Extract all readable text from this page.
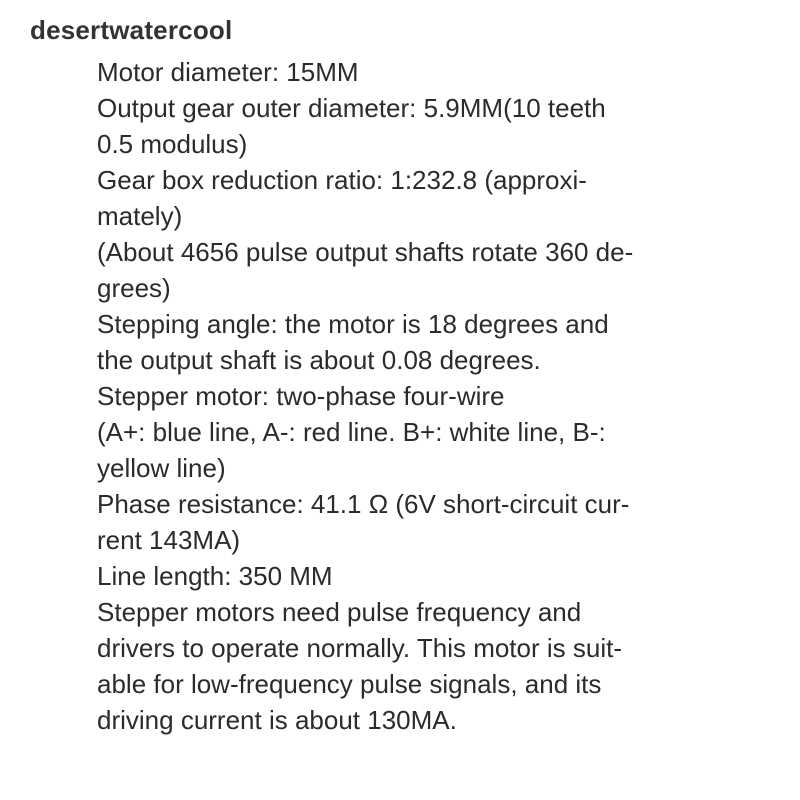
desertwatercool
Motor diameter: 15MM
Output gear outer diameter: 5.9MM(10 teeth
0.5 modulus)
Gear box reduction ratio: 1:232.8 (approxi-
mately)
(About 4656 pulse output shafts rotate 360 de-
grees)
Stepping angle: the motor is 18 degrees and
the output shaft is about 0.08 degrees.
Stepper motor: two-phase four-wire
(A+: blue line, A-: red line. B+: white line, B-:
yellow line)
Phase resistance: 41.1 Ω (6V short-circuit cur-
rent 143MA)
Line length: 350 MM
Stepper motors need pulse frequency and
drivers to operate normally. This motor is suit-
able for low-frequency pulse signals, and its
driving current is about 130MA.
